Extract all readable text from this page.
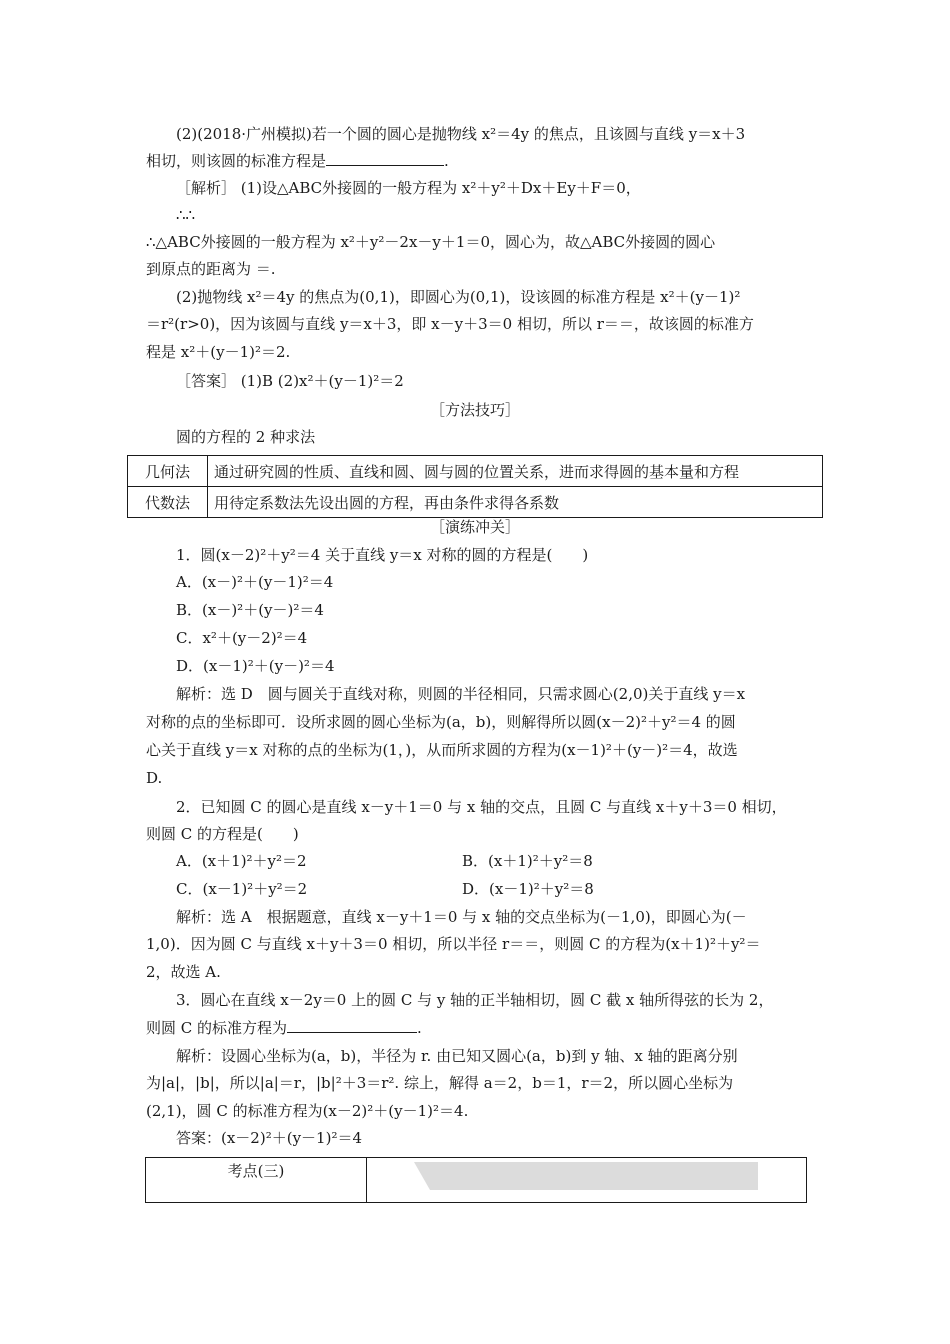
(2)(2018·广州模拟)若一个圆的圆心是抛物线 x²＝4y 的焦点，且该圆与直线 y＝x＋3
相切，则该圆的标准方程是	.
［解析］ (1)设△ABC外接圆的一般方程为 x²＋y²＋Dx＋Ey＋F＝0，
∴∴
∴△ABC外接圆的一般方程为 x²＋y²－2x－y＋1＝0，圆心为，故△ABC外接圆的圆心
到原点的距离为 ＝.
(2)抛物线 x²＝4y 的焦点为(0,1)，即圆心为(0,1)，设该圆的标准方程是 x²＋(y－1)²
＝r²(r>0)，因为该圆与直线 y＝x＋3，即 x－y＋3＝0 相切，所以 r＝＝，故该圆的标准方
程是 x²＋(y－1)²＝2.
［答案］ (1)B (2)x²＋(y－1)²＝2
［方法技巧］
圆的方程的 2 种求法
几何法	通过研究圆的性质、直线和圆、圆与圆的位置关系，进而求得圆的基本量和方程
代数法	用待定系数法先设出圆的方程，再由条件求得各系数
［演练冲关］
1．圆(x－2)²＋y²＝4 关于直线 y＝x 对称的圆的方程是(　　)
A．(x－)²＋(y－1)²＝4
B．(x－)²＋(y－)²＝4
C．x²＋(y－2)²＝4
D．(x－1)²＋(y－)²＝4
解析：选 D　圆与圆关于直线对称，则圆的半径相同，只需求圆心(2,0)关于直线 y＝x
对称的点的坐标即可．设所求圆的圆心坐标为(a，b)，则解得所以圆(x－2)²＋y²＝4 的圆
心关于直线 y＝x 对称的点的坐标为(1，)，从而所求圆的方程为(x－1)²＋(y－)²＝4，故选
D.
2．已知圆 C 的圆心是直线 x－y＋1＝0 与 x 轴的交点，且圆 C 与直线 x＋y＋3＝0 相切，
则圆 C 的方程是(　　)
A．(x＋1)²＋y²＝2	B．(x＋1)²＋y²＝8
C．(x－1)²＋y²＝2	D．(x－1)²＋y²＝8
解析：选 A　根据题意，直线 x－y＋1＝0 与 x 轴的交点坐标为(－1,0)，即圆心为(－
1,0)．因为圆 C 与直线 x＋y＋3＝0 相切，所以半径 r＝＝，则圆 C 的方程为(x＋1)²＋y²＝
2，故选 A.
3．圆心在直线 x－2y＝0 上的圆 C 与 y 轴的正半轴相切，圆 C 截 x 轴所得弦的长为 2，
则圆 C 的标准方程为	.
解析：设圆心坐标为(a，b)，半径为 r. 由已知又圆心(a，b)到 y 轴、x 轴的距离分别
为|a|，|b|，所以|a|＝r，|b|²＋3＝r². 综上，解得 a＝2，b＝1，r＝2，所以圆心坐标为
(2,1)，圆 C 的标准方程为(x－2)²＋(y－1)²＝4.
答案：(x－2)²＋(y－1)²＝4
考点(三)
